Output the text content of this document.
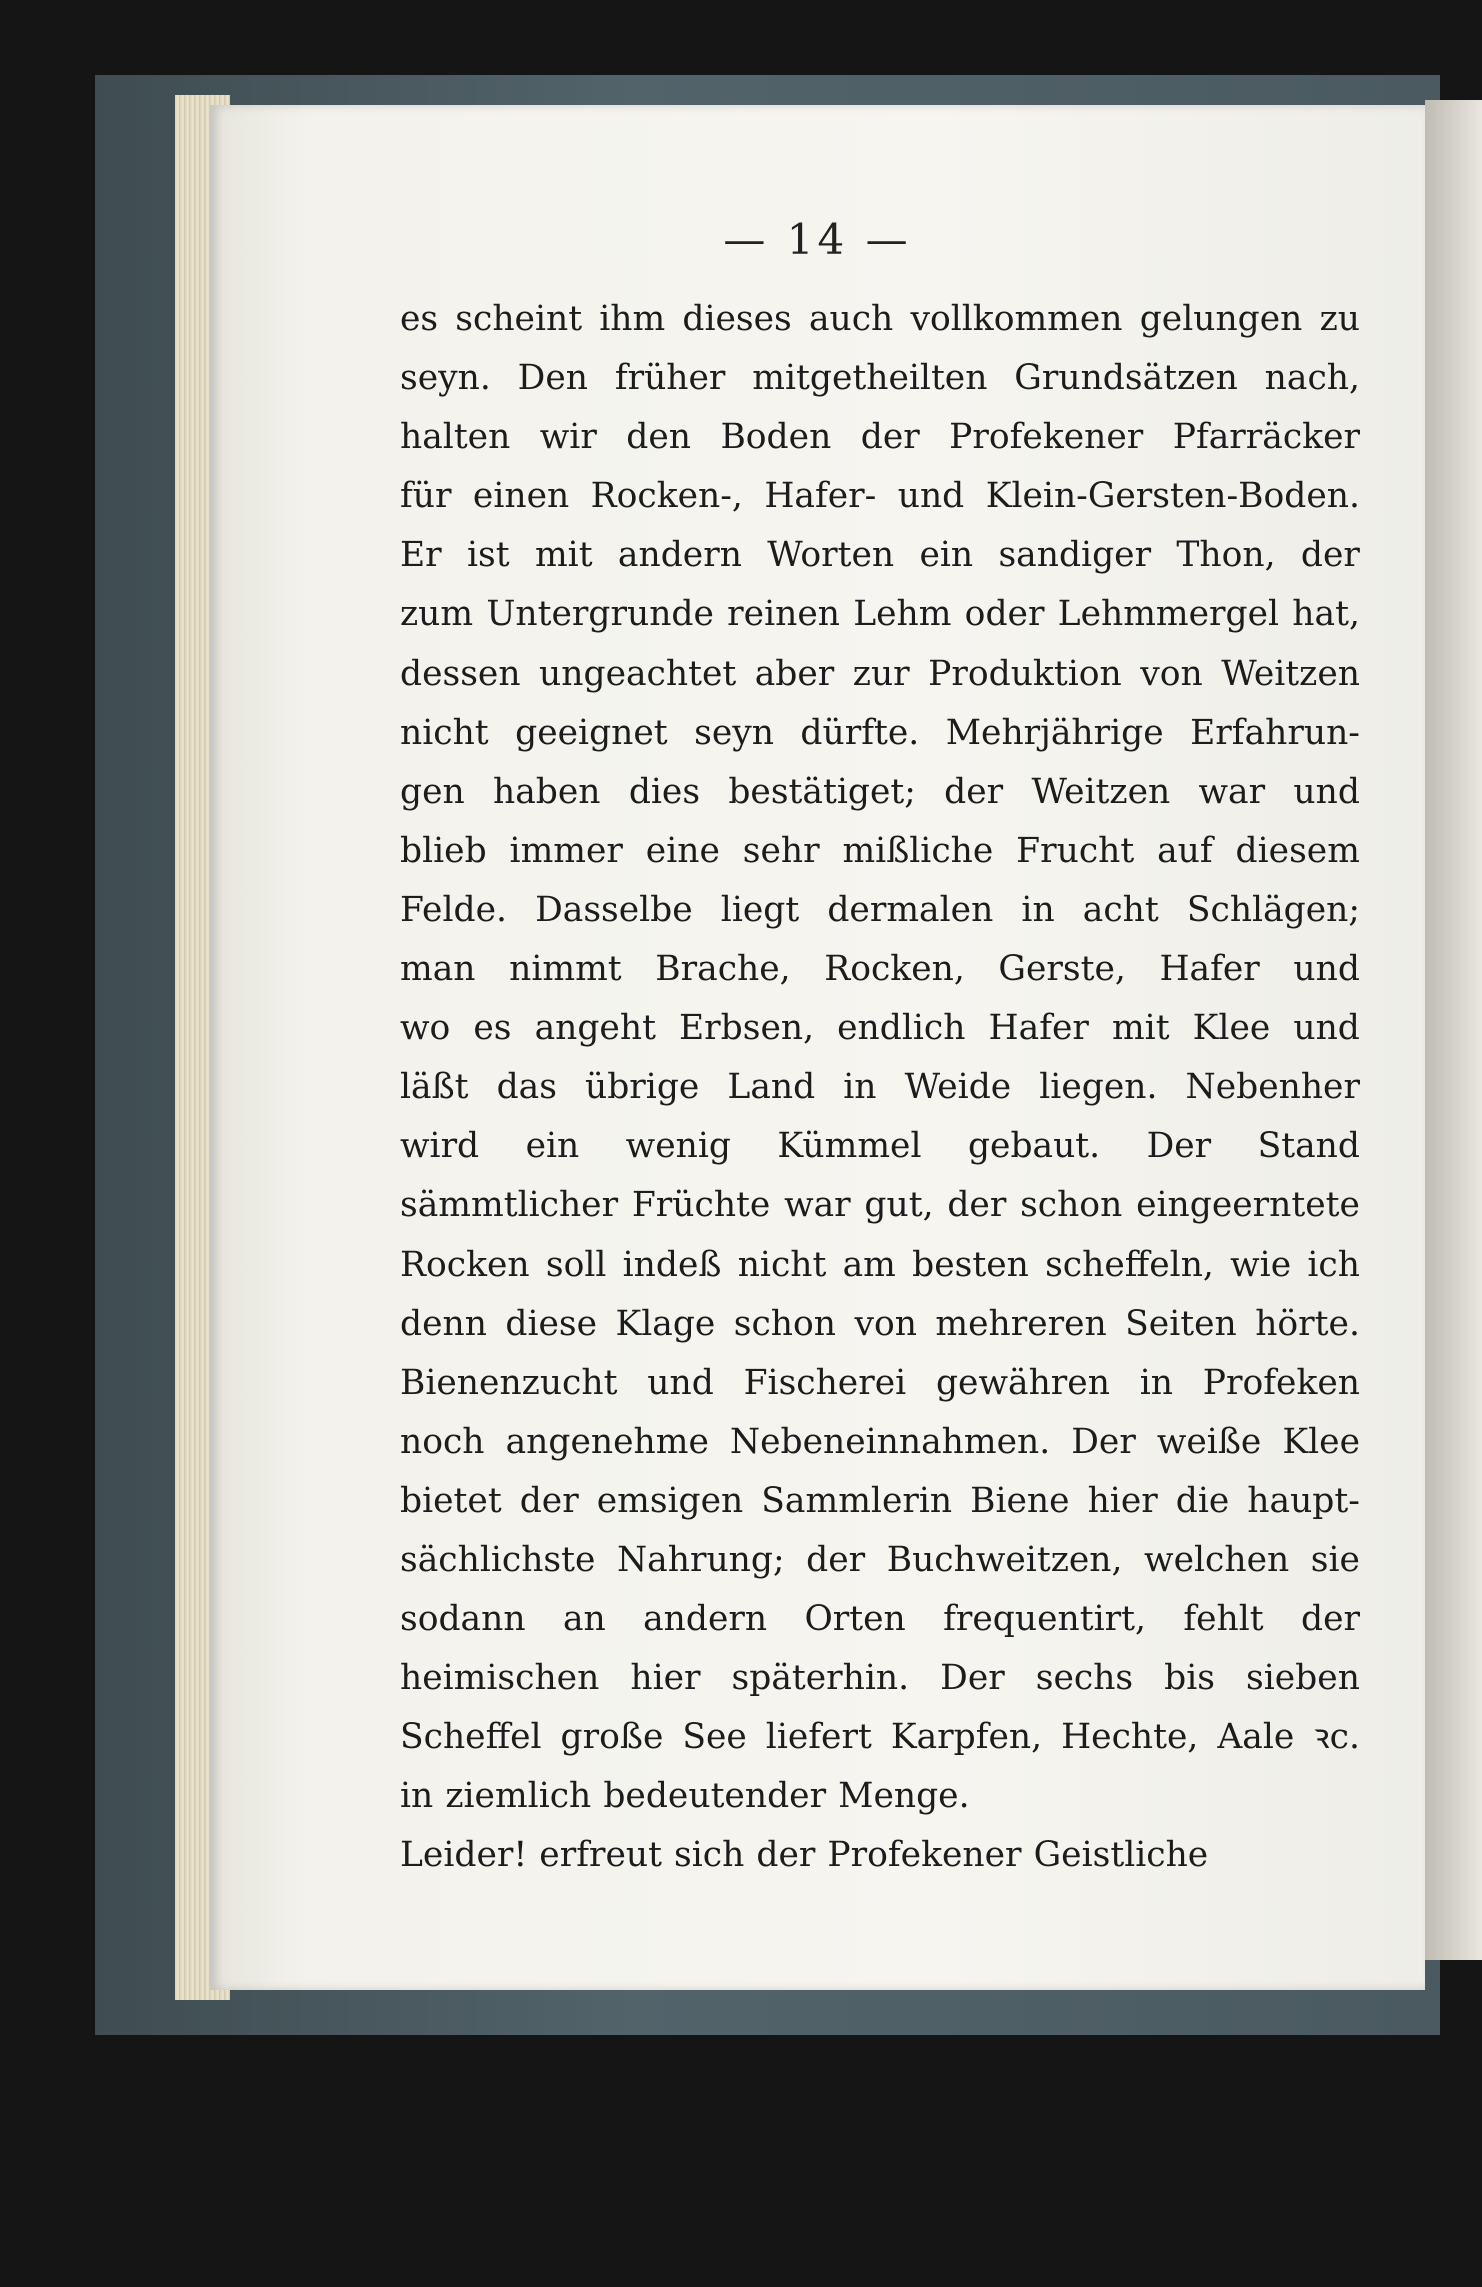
— 14 —
es scheint ihm dieses auch vollkommen gelungen zu
seyn. Den früher mitgetheilten Grundsätzen nach,
halten wir den Boden der Profekener Pfarräcker
für einen Rocken-, Hafer- und Klein-Gersten-Boden.
Er ist mit andern Worten ein sandiger Thon, der
zum Untergrunde reinen Lehm oder Lehmmergel hat,
dessen ungeachtet aber zur Produktion von Weitzen
nicht geeignet seyn dürfte. Mehrjährige Erfahrun-
gen haben dies bestätiget; der Weitzen war und
blieb immer eine sehr mißliche Frucht auf diesem
Felde. Dasselbe liegt dermalen in acht Schlägen;
man nimmt Brache, Rocken, Gerste, Hafer und
wo es angeht Erbsen, endlich Hafer mit Klee und
läßt das übrige Land in Weide liegen. Nebenher
wird ein wenig Kümmel gebaut. Der Stand
sämmtlicher Früchte war gut, der schon eingeerntete
Rocken soll indeß nicht am besten scheffeln, wie ich
denn diese Klage schon von mehreren Seiten hörte.
Bienenzucht und Fischerei gewähren in Profeken
noch angenehme Nebeneinnahmen. Der weiße Klee
bietet der emsigen Sammlerin Biene hier die haupt-
sächlichste Nahrung; der Buchweitzen, welchen sie
sodann an andern Orten frequentirt, fehlt der
heimischen hier späterhin. Der sechs bis sieben
Scheffel große See liefert Karpfen, Hechte, Aale ꝛc.
in ziemlich bedeutender Menge.
Leider! erfreut sich der Profekener Geistliche
